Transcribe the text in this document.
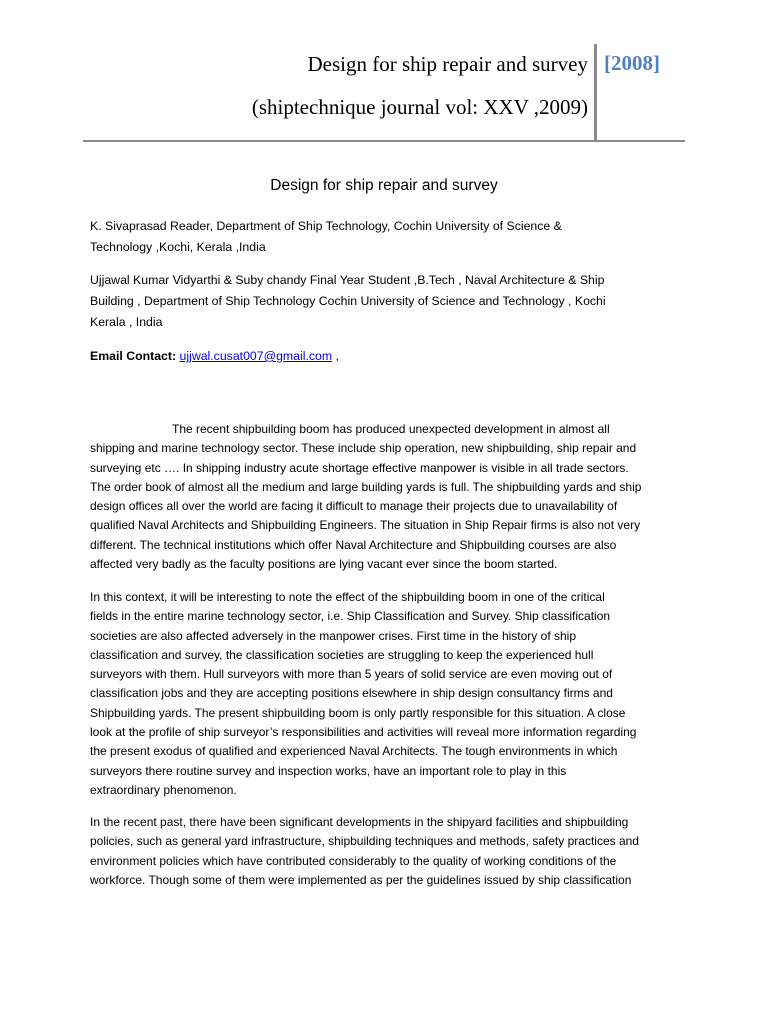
Design for ship repair and survey
(shiptechnique journal vol: XXV ,2009)
[2008]
Design for ship repair and survey
K. Sivaprasad Reader, Department of Ship Technology, Cochin University of Science &
Technology ,Kochi, Kerala ,India
Ujjawal Kumar Vidyarthi & Suby chandy Final Year Student ,B.Tech , Naval Architecture & Ship
Building , Department of Ship Technology Cochin University of Science and Technology , Kochi
Kerala , India
Email Contact: ujjwal.cusat007@gmail.com ,
The recent shipbuilding boom has produced unexpected development in almost all
shipping and marine technology sector. These include ship operation, new shipbuilding, ship repair and
surveying etc …. In shipping industry acute shortage effective manpower is visible in all trade sectors.
The order book of almost all the medium and large building yards is full. The shipbuilding yards and ship
design offices all over the world are facing it difficult to manage their projects due to unavailability of
qualified Naval Architects and Shipbuilding Engineers. The situation in Ship Repair firms is also not very
different. The technical institutions which offer Naval Architecture and Shipbuilding courses are also
affected very badly as the faculty positions are lying vacant ever since the boom started.
In this context, it will be interesting to note the effect of the shipbuilding boom in one of the critical
fields in the entire marine technology sector, i.e. Ship Classification and Survey. Ship classification
societies are also affected adversely in the manpower crises. First time in the history of ship
classification and survey, the classification societies are struggling to keep the experienced hull
surveyors with them. Hull surveyors with more than 5 years of solid service are even moving out of
classification jobs and they are accepting positions elsewhere in ship design consultancy firms and
Shipbuilding yards. The present shipbuilding boom is only partly responsible for this situation. A close
look at the profile of ship surveyor’s responsibilities and activities will reveal more information regarding
the present exodus of qualified and experienced Naval Architects. The tough environments in which
surveyors there routine survey and inspection works, have an important role to play in this
extraordinary phenomenon.
In the recent past, there have been significant developments in the shipyard facilities and shipbuilding
policies, such as general yard infrastructure, shipbuilding techniques and methods, safety practices and
environment policies which have contributed considerably to the quality of working conditions of the
workforce. Though some of them were implemented as per the guidelines issued by ship classification
